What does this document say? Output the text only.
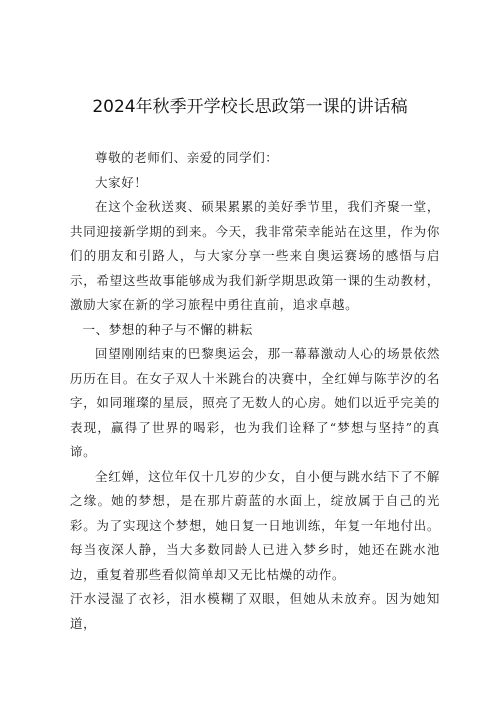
2024年秋季开学校长思政第一课的讲话稿

尊敬的老师们、亲爱的同学们：

大家好！

在这个金秋送爽、硕果累累的美好季节里，我们齐聚一堂，共同迎接新学期的到来。今天，我非常荣幸能站在这里，作为你们的朋友和引路人，与大家分享一些来自奥运赛场的感悟与启示，希望这些故事能够成为我们新学期思政第一课的生动教材，激励大家在新的学习旅程中勇往直前，追求卓越。

一、梦想的种子与不懈的耕耘

回望刚刚结束的巴黎奥运会，那一幕幕激动人心的场景依然历历在目。在女子双人十米跳台的决赛中，全红婵与陈芋汐的名字，如同璀璨的星辰，照亮了无数人的心房。她们以近乎完美的表现，赢得了世界的喝彩，也为我们诠释了“梦想与坚持”的真谛。

全红婵，这位年仅十几岁的少女，自小便与跳水结下了不解之缘。她的梦想，是在那片蔚蓝的水面上，绽放属于自己的光彩。为了实现这个梦想，她日复一日地训练，年复一年地付出。每当夜深人静，当大多数同龄人已进入梦乡时，她还在跳水池边，重复着那些看似简单却又无比枯燥的动作。

汗水浸湿了衣衫，泪水模糊了双眼，但她从未放弃。因为她知道，
